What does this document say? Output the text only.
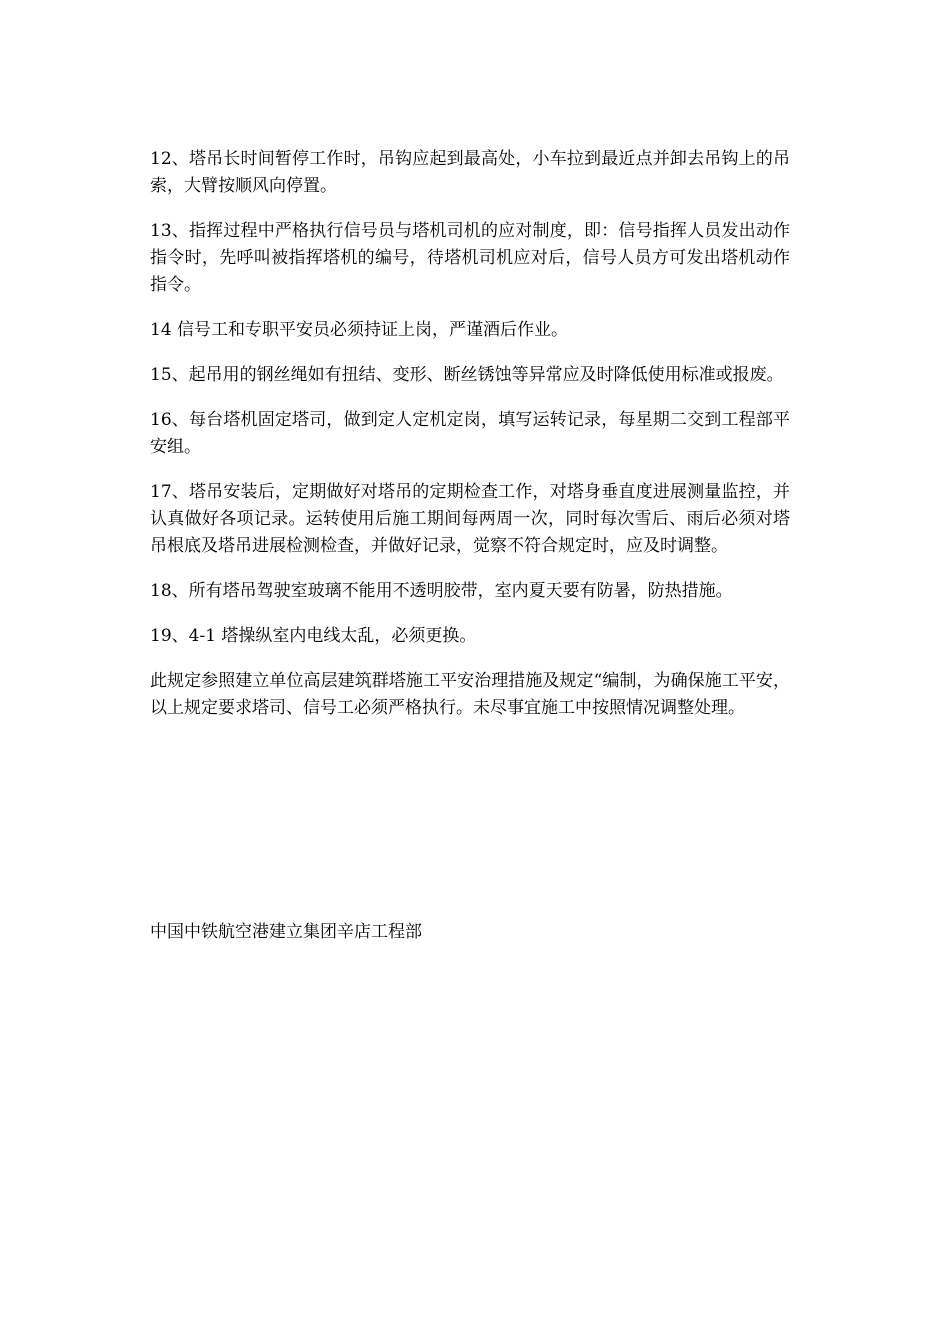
12、塔吊长时间暂停工作时，吊钩应起到最高处，小车拉到最近点并卸去吊钩上的吊索，大臂按顺风向停置。

13、指挥过程中严格执行信号员与塔机司机的应对制度，即：信号指挥人员发出动作指令时，先呼叫被指挥塔机的编号，待塔机司机应对后，信号人员方可发出塔机动作指令。

14 信号工和专职平安员必须持证上岗，严谨酒后作业。

15、起吊用的钢丝绳如有扭结、变形、断丝锈蚀等异常应及时降低使用标准或报废。

16、每台塔机固定塔司，做到定人定机定岗，填写运转记录，每星期二交到工程部平安组。

17、塔吊安装后，定期做好对塔吊的定期检查工作，对塔身垂直度进展测量监控，并认真做好各项记录。运转使用后施工期间每两周一次，同时每次雪后、雨后必须对塔吊根底及塔吊进展检测检查，并做好记录，觉察不符合规定时，应及时调整。

18、所有塔吊驾驶室玻璃不能用不透明胶带，室内夏天要有防暑，防热措施。

19、4-1 塔操纵室内电线太乱，必须更换。

此规定参照建立单位高层建筑群塔施工平安治理措施及规定“编制，为确保施工平安，以上规定要求塔司、信号工必须严格执行。未尽事宜施工中按照情况调整处理。

中国中铁航空港建立集团辛店工程部
